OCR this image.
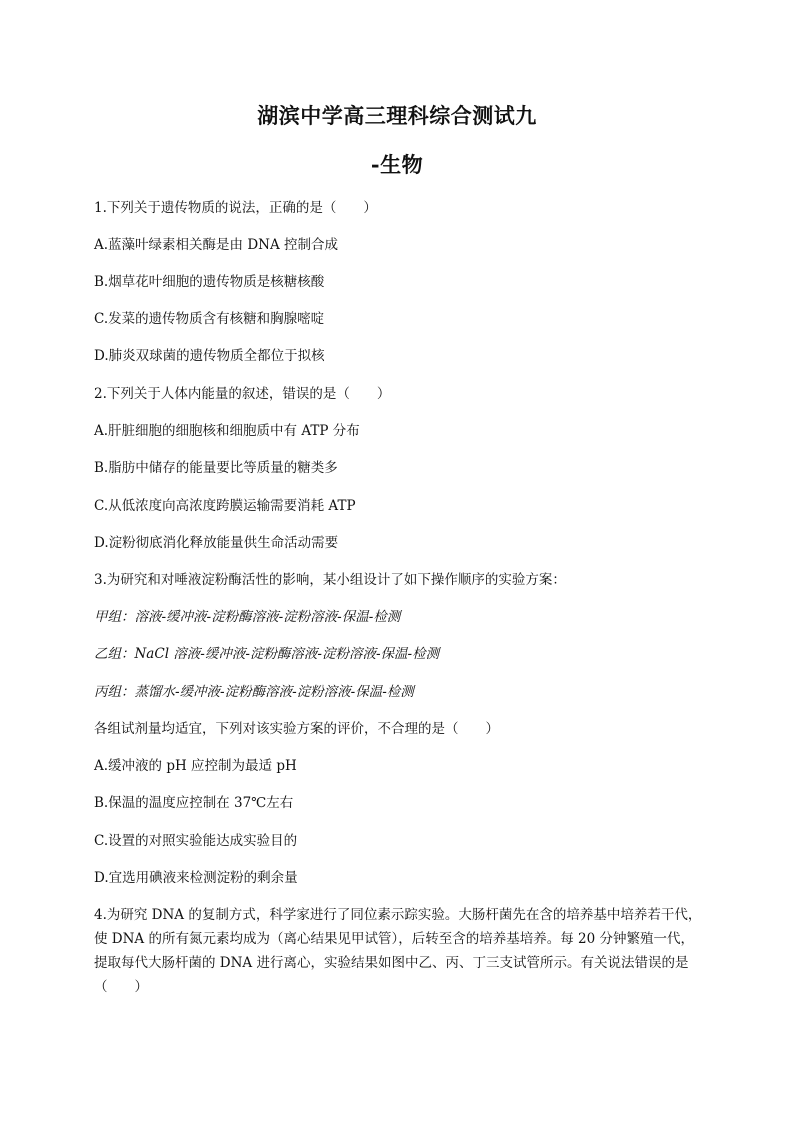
湖滨中学高三理科综合测试九
-生物
1.下列关于遗传物质的说法，正确的是（　　）
A.蓝藻叶绿素相关酶是由 DNA 控制合成
B.烟草花叶细胞的遗传物质是核糖核酸
C.发菜的遗传物质含有核糖和胸腺嘧啶
D.肺炎双球菌的遗传物质全都位于拟核
2.下列关于人体内能量的叙述，错误的是（　　）
A.肝脏细胞的细胞核和细胞质中有 ATP 分布
B.脂肪中储存的能量要比等质量的糖类多
C.从低浓度向高浓度跨膜运输需要消耗 ATP
D.淀粉彻底消化释放能量供生命活动需要
3.为研究和对唾液淀粉酶活性的影响，某小组设计了如下操作顺序的实验方案：
甲组：溶液-缓冲液-淀粉酶溶液-淀粉溶液-保温-检测
乙组：NaCl 溶液-缓冲液-淀粉酶溶液-淀粉溶液-保温-检测
丙组：蒸馏水-缓冲液-淀粉酶溶液-淀粉溶液-保温-检测
各组试剂量均适宜，下列对该实验方案的评价，不合理的是（　　）
A.缓冲液的 pH 应控制为最适 pH
B.保温的温度应控制在 37℃左右
C.设置的对照实验能达成实验目的
D.宜选用碘液来检测淀粉的剩余量
4.为研究 DNA 的复制方式，科学家进行了同位素示踪实验。大肠杆菌先在含的培养基中培养若干代，使 DNA 的所有氮元素均成为（离心结果见甲试管），后转至含的培养基培养。每 20 分钟繁殖一代，提取每代大肠杆菌的 DNA 进行离心，实验结果如图中乙、丙、丁三支试管所示。有关说法错误的是（　　）
